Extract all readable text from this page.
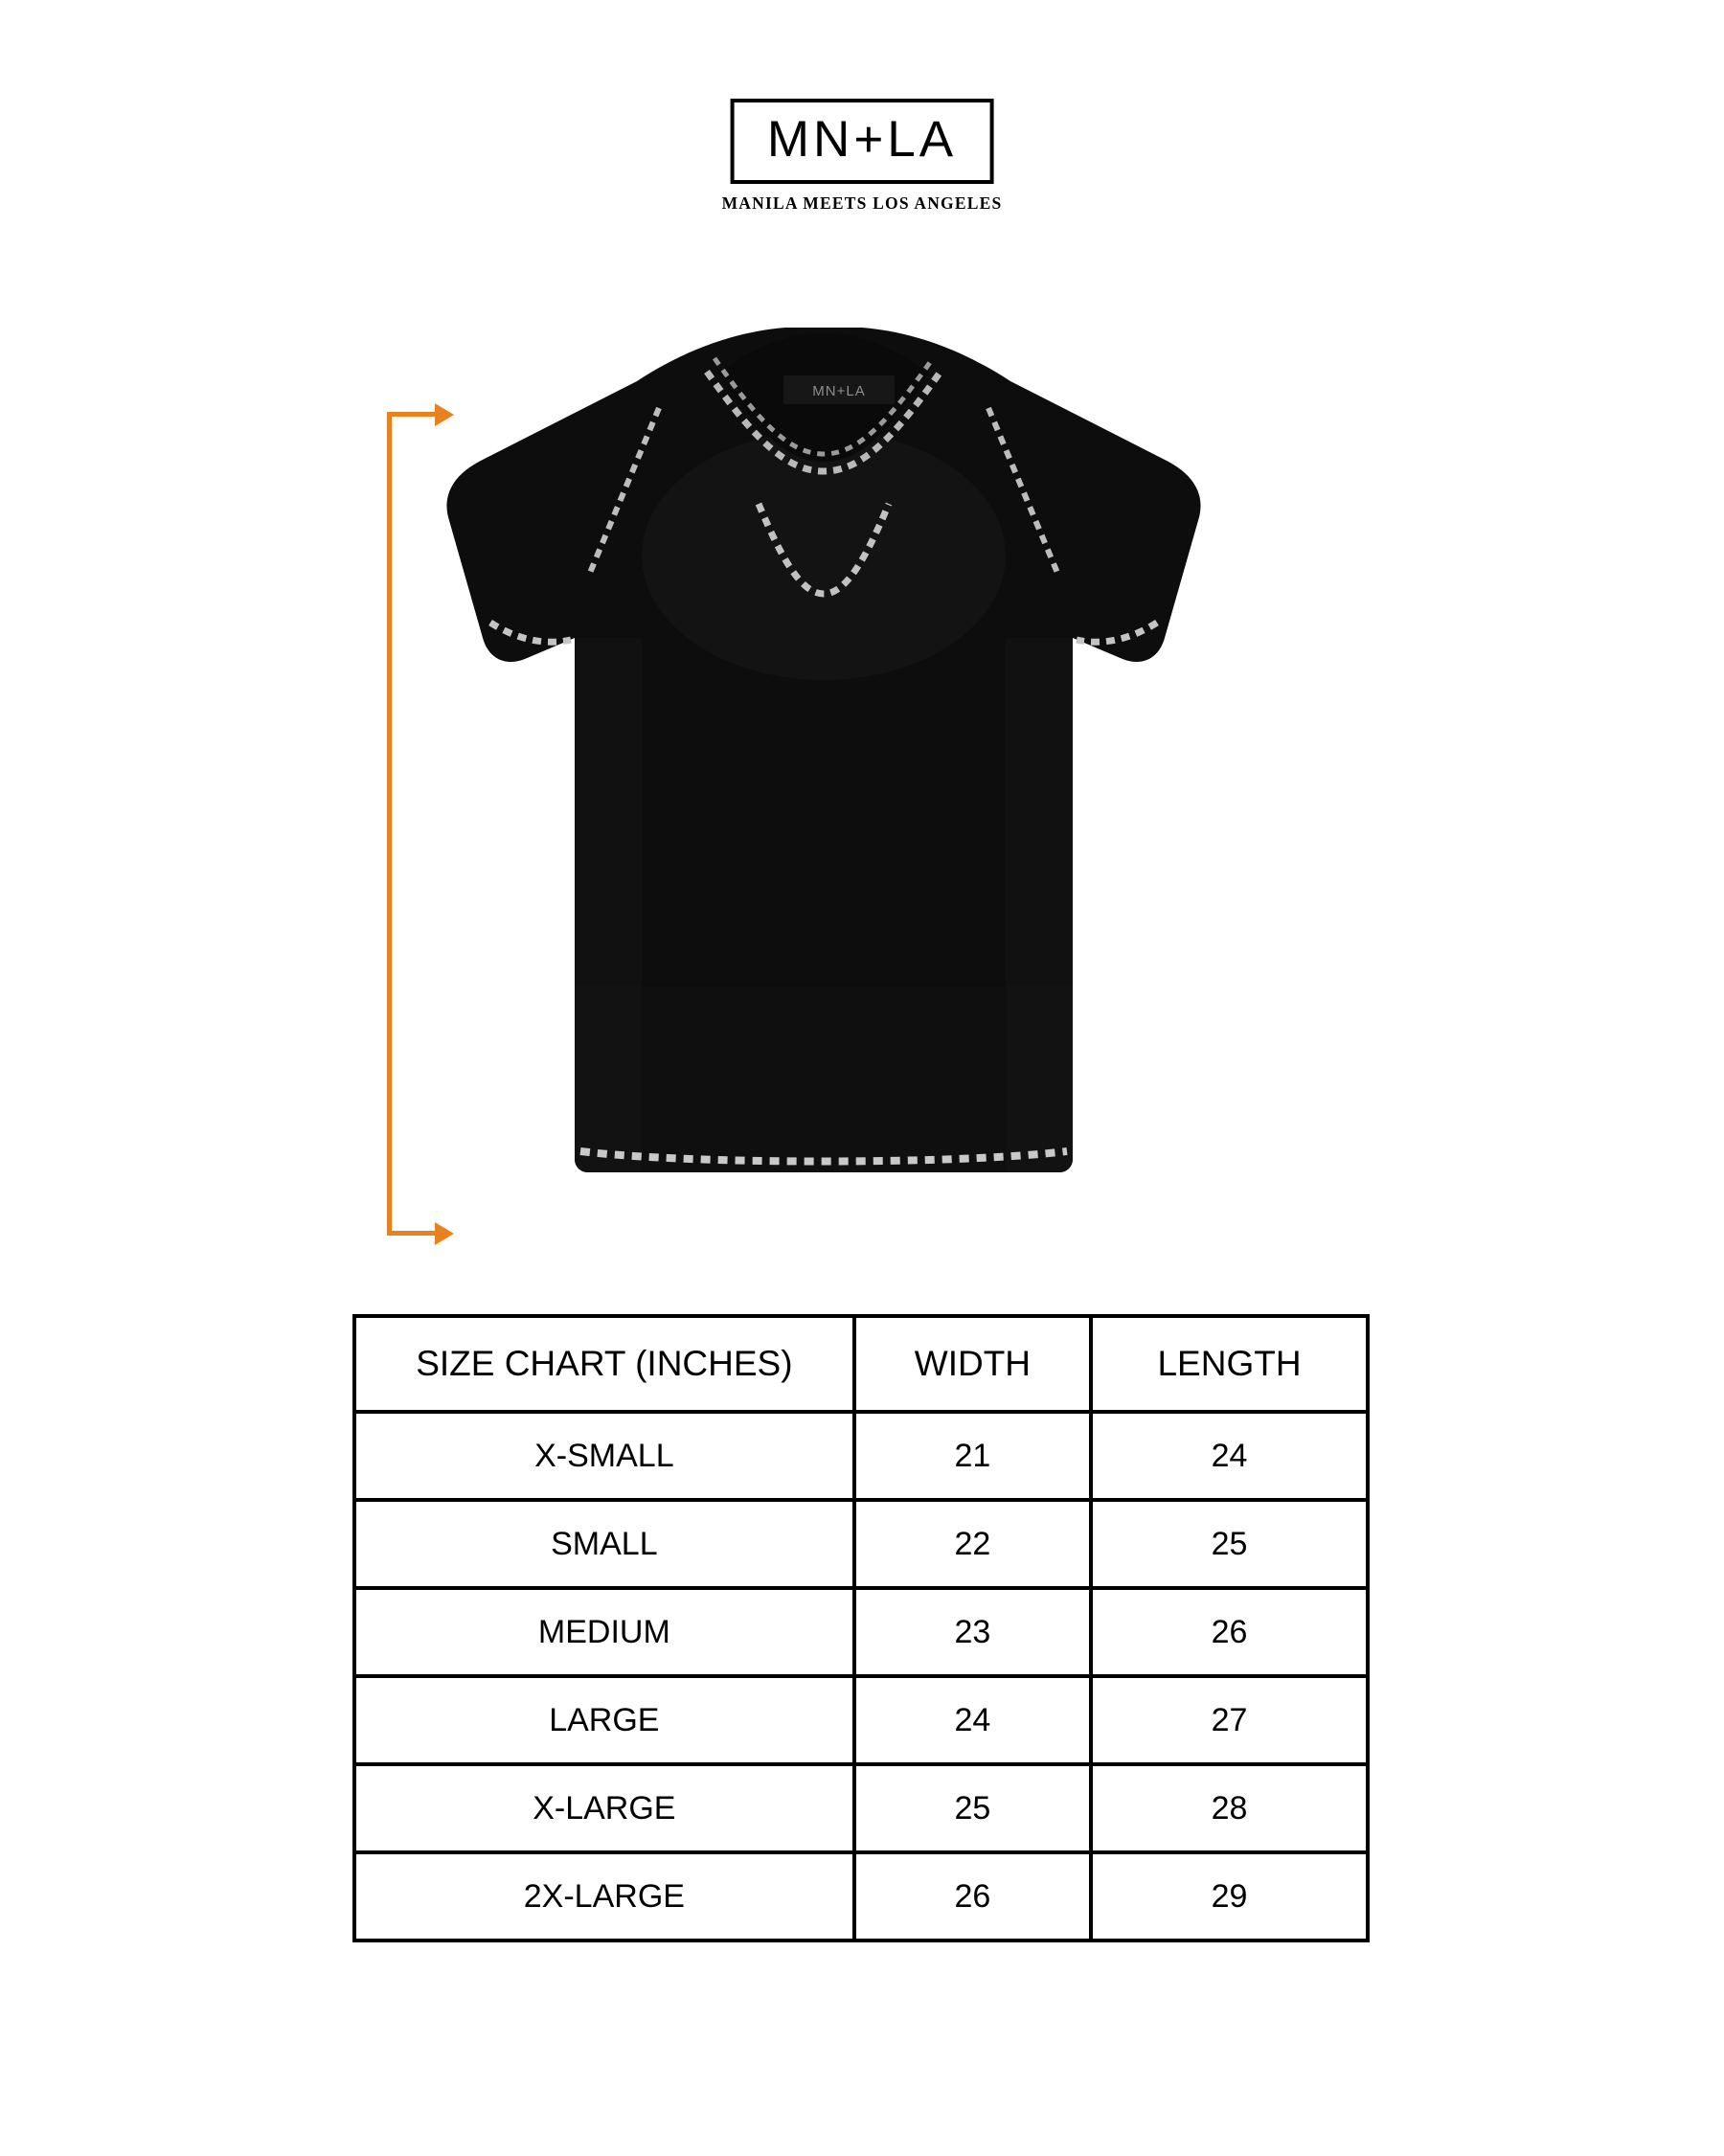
MN+LA
MANILA MEETS LOS ANGELES
MN+LA
SIZE CHART (INCHES)	WIDTH	LENGTH
X-SMALL	21	24
SMALL	22	25
MEDIUM	23	26
LARGE	24	27
X-LARGE	25	28
2X-LARGE	26	29
